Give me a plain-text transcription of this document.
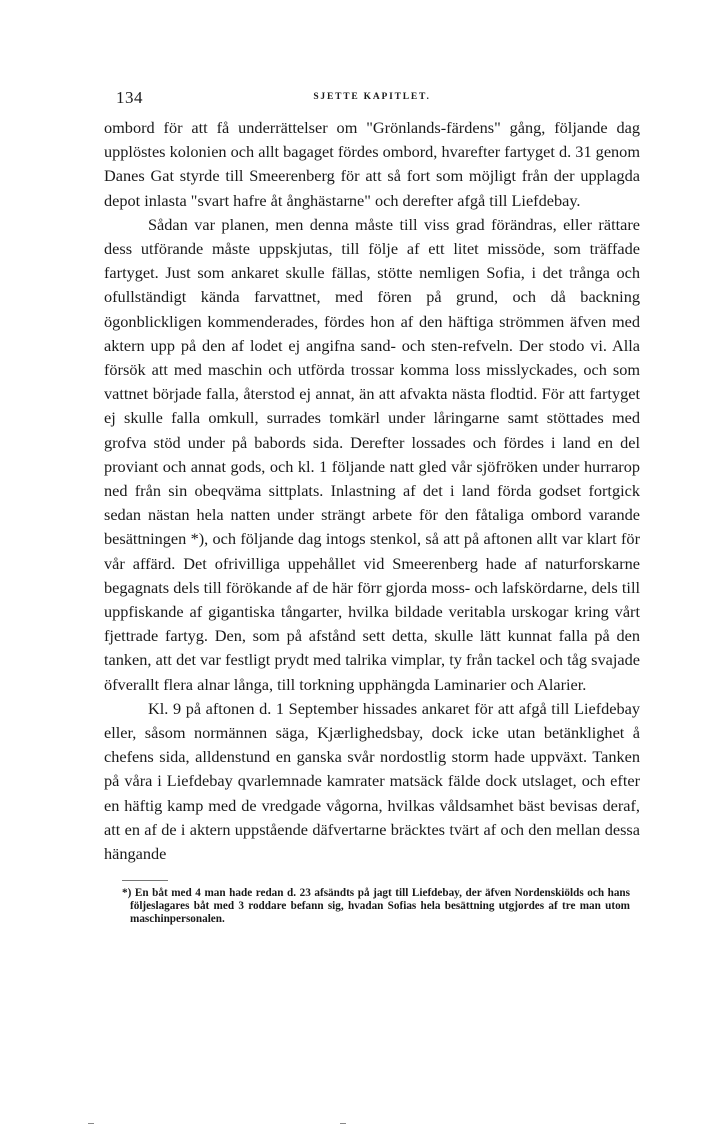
134	SJETTE KAPITLET.

ombord för att få underrättelser om "Grönlands-färdens" gång, följande dag upplöstes kolonien och allt bagaget fördes ombord, hvarefter fartyget d. 31 genom Danes Gat styrde till Smeerenberg för att så fort som möjligt från der upplagda depot inlasta "svart hafre åt ånghästarne" och derefter afgå till Liefdebay.

Sådan var planen, men denna måste till viss grad förändras, eller rättare dess utförande måste uppskjutas, till följe af ett litet missöde, som träffade fartyget. Just som ankaret skulle fällas, stötte nemligen Sofia, i det trånga och ofullständigt kända farvattnet, med fören på grund, och då backning ögonblickligen kommenderades, fördes hon af den häftiga strömmen äfven med aktern upp på den af lodet ej angifna sand- och sten-refveln. Der stodo vi. Alla försök att med maschin och utförda trossar komma loss misslyckades, och som vattnet började falla, återstod ej annat, än att afvakta nästa flodtid. För att fartyget ej skulle falla omkull, surrades tomkärl under låringarne samt stöttades med grofva stöd under på babords sida. Derefter lossades och fördes i land en del proviant och annat gods, och kl. 1 följande natt gled vår sjöfröken under hurrarop ned från sin obeqväma sittplats. Inlastning af det i land förda godset fortgick sedan nästan hela natten under strängt arbete för den fåtaliga ombord varande besättningen *), och följande dag intogs stenkol, så att på aftonen allt var klart för vår affärd. Det ofrivilliga uppehållet vid Smeerenberg hade af naturforskarne begagnats dels till förökande af de här förr gjorda moss- och lafskördarne, dels till uppfiskande af gigantiska tångarter, hvilka bildade veritabla urskogar kring vårt fjettrade fartyg. Den, som på afstånd sett detta, skulle lätt kunnat falla på den tanken, att det var festligt prydt med talrika vimplar, ty från tackel och tåg svajade öfverallt flera alnar långa, till torkning upphängda Laminarier och Alarier.

Kl. 9 på aftonen d. 1 September hissades ankaret för att afgå till Liefdebay eller, såsom normännen säga, Kjærlighedsbay, dock icke utan betänklighet å chefens sida, alldenstund en ganska svår nordostlig storm hade uppväxt. Tanken på våra i Liefdebay qvarlemnade kamrater matsäck fälde dock utslaget, och efter en häftig kamp med de vredgade vågorna, hvilkas våldsamhet bäst bevisas deraf, att en af de i aktern uppstående däfvertarne bräcktes tvärt af och den mellan dessa hängande

*) En båt med 4 man hade redan d. 23 afsändts på jagt till Liefdebay, der äfven Nordenskiölds och hans följeslagares båt med 3 roddare befann sig, hvadan Sofias hela besättning utgjordes af tre man utom maschinpersonalen.
